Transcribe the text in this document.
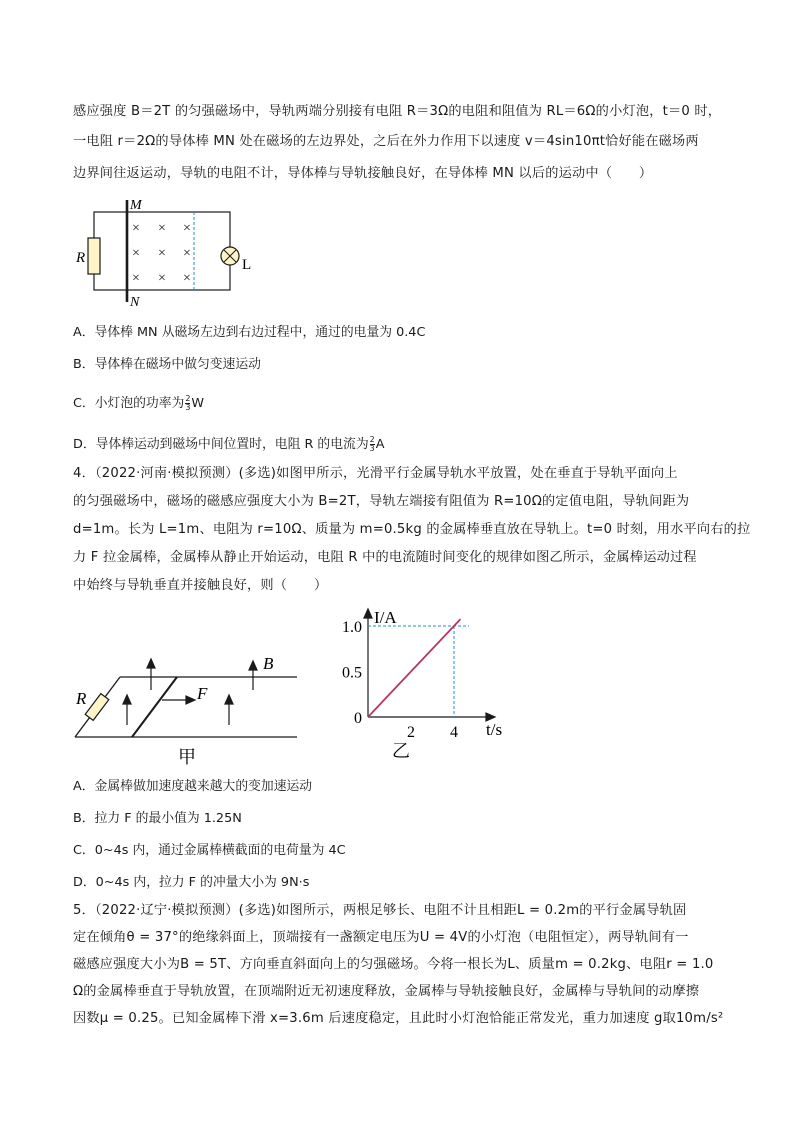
感应强度 B＝2T 的匀强磁场中，导轨两端分别接有电阻 R＝3Ω的电阻和阻值为 RL＝6Ω的小灯泡，t＝0 时，
一电阻 r＝2Ω的导体棒 MN 处在磁场的左边界处，之后在外力作用下以速度 v＝4sin10πt恰好能在磁场两
边界间往返运动，导轨的电阻不计，导体棒与导轨接触良好，在导体棒 MN 以后的运动中（　　）
R
M
N
× × ×
× × ×
× × ×
L
A．导体棒 MN 从磁场左边到右边过程中，通过的电量为 0.4C
B．导体棒在磁场中做匀变速运动
C．小灯泡的功率为 $\frac{2}{3}$ W
D．导体棒运动到磁场中间位置时，电阻 R 的电流为 $\frac{2}{3}$ A
4．（2022·河南·模拟预测）(多选)如图甲所示，光滑平行金属导轨水平放置，处在垂直于导轨平面向上
的匀强磁场中，磁场的磁感应强度大小为 B=2T，导轨左端接有阻值为 R=10Ω的定值电阻，导轨间距为
d=1m。长为 L=1m、电阻为 r=10Ω、质量为 m=0.5kg 的金属棒垂直放在导轨上。t=0 时刻，用水平向右的拉
力 F 拉金属棒，金属棒从静止开始运动，电阻 R 中的电流随时间变化的规律如图乙所示，金属棒运动过程
中始终与导轨垂直并接触良好，则（　　）
R
B
F
甲
I/A
t/s
1.0
0.5
0
2 4
乙
A．金属棒做加速度越来越大的变加速运动
B．拉力 F 的最小值为 1.25N
C．0~4s 内，通过金属棒横截面的电荷量为 4C
D．0~4s 内，拉力 F 的冲量大小为 9N·s
5．（2022·辽宁·模拟预测）(多选)如图所示，两根足够长、电阻不计且相距L = 0.2m的平行金属导轨固
定在倾角θ = 37°的绝缘斜面上，顶端接有一盏额定电压为U = 4V的小灯泡（电阻恒定），两导轨间有一
磁感应强度大小为B = 5T、方向垂直斜面向上的匀强磁场。今将一根长为L、质量m = 0.2kg、电阻r = 1.0
Ω的金属棒垂直于导轨放置，在顶端附近无初速度释放，金属棒与导轨接触良好，金属棒与导轨间的动摩擦
因数μ = 0.25。已知金属棒下滑 x=3.6m 后速度稳定，且此时小灯泡恰能正常发光，重力加速度 g取10m/s²
